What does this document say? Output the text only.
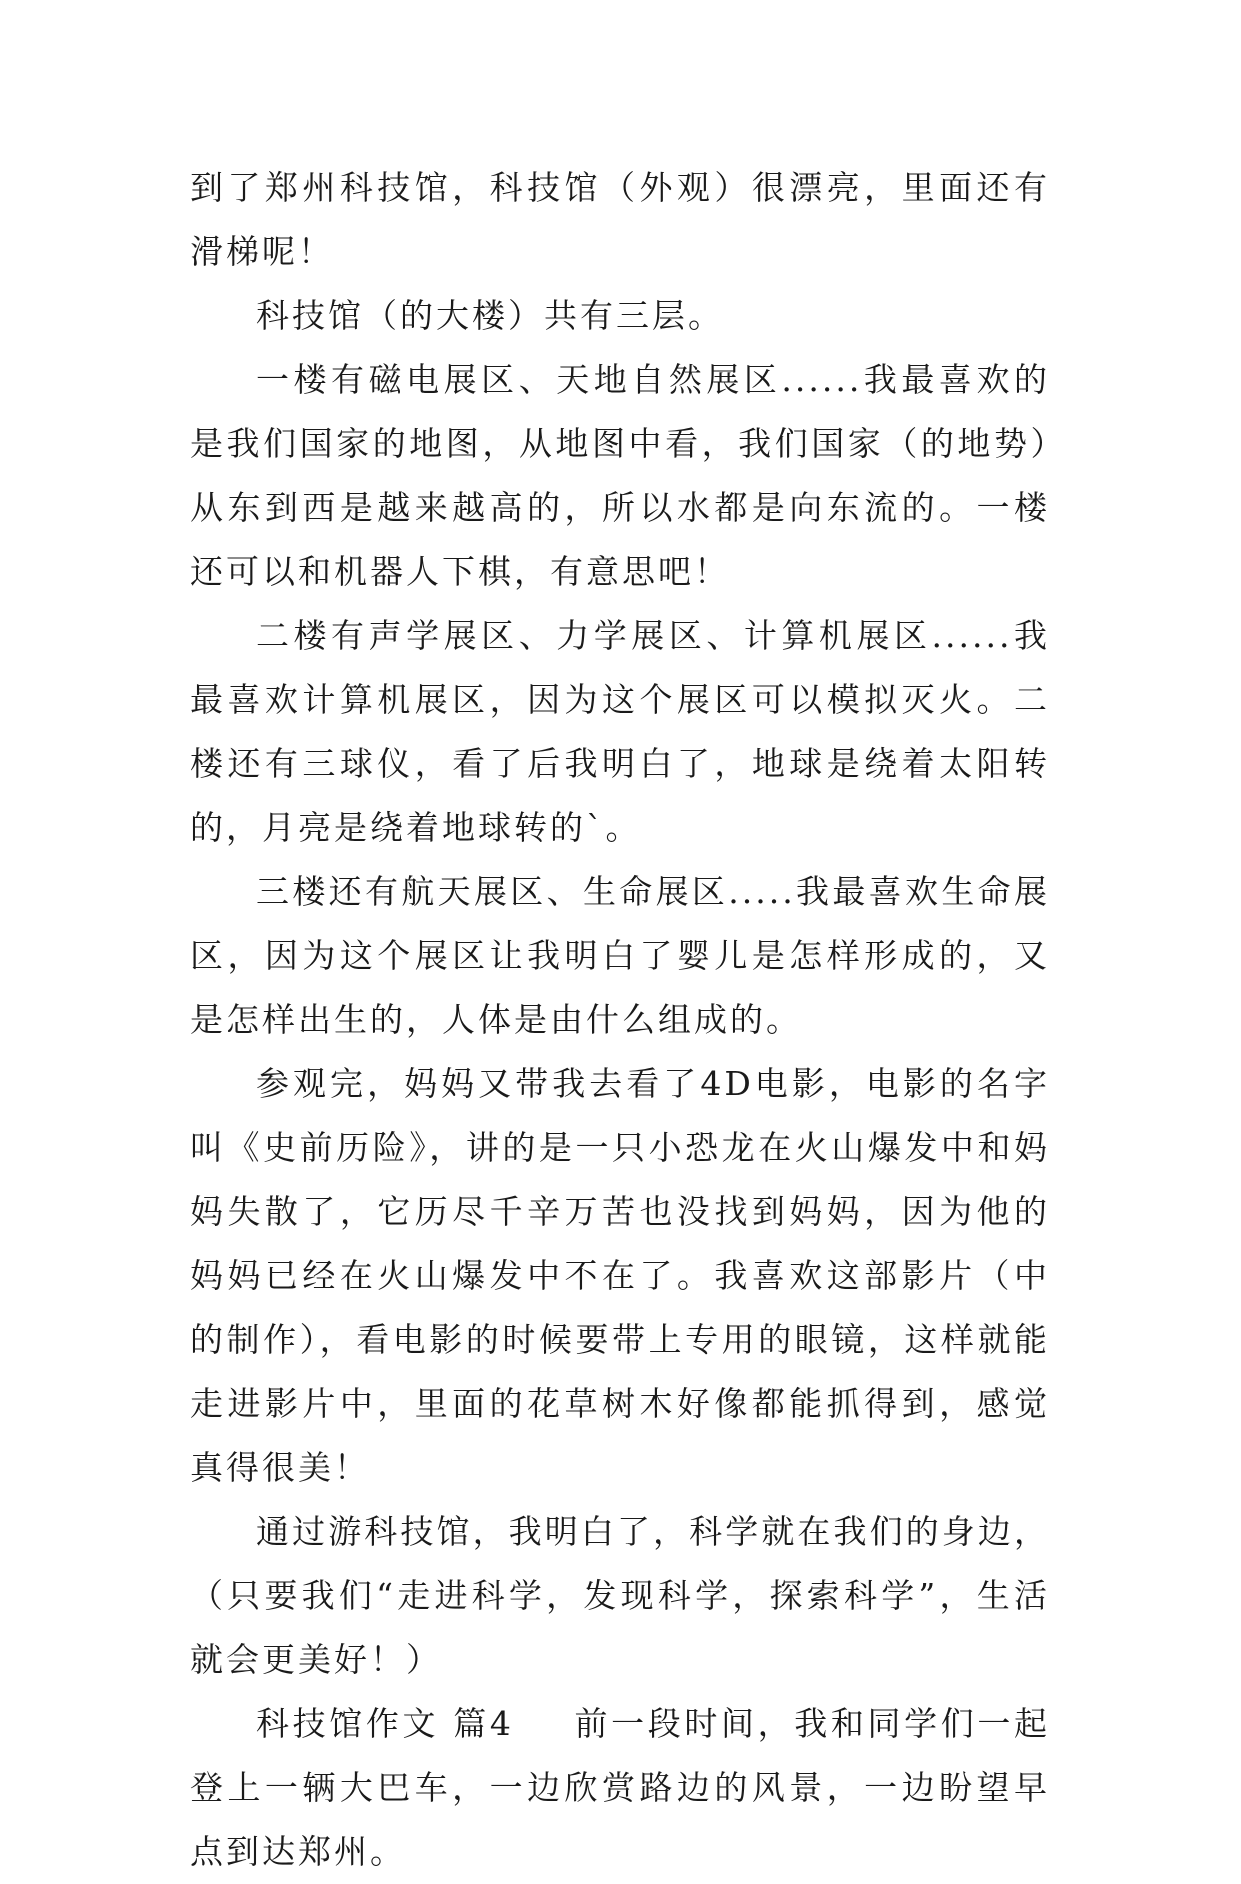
到了郑州科技馆，科技馆（外观）很漂亮，里面还有滑梯呢！

科技馆（的大楼）共有三层。

一楼有磁电展区、天地自然展区......我最喜欢的是我们国家的地图，从地图中看，我们国家（的地势）从东到西是越来越高的，所以水都是向东流的。一楼还可以和机器人下棋，有意思吧！

二楼有声学展区、力学展区、计算机展区......我最喜欢计算机展区，因为这个展区可以模拟灭火。二楼还有三球仪，看了后我明白了，地球是绕着太阳转的，月亮是绕着地球转的`。

三楼还有航天展区、生命展区.....我最喜欢生命展区，因为这个展区让我明白了婴儿是怎样形成的，又是怎样出生的，人体是由什么组成的。

参观完，妈妈又带我去看了4D电影，电影的名字叫《史前历险》，讲的是一只小恐龙在火山爆发中和妈妈失散了，它历尽千辛万苦也没找到妈妈，因为他的妈妈已经在火山爆发中不在了。我喜欢这部影片（中的制作），看电影的时候要带上专用的眼镜，这样就能走进影片中，里面的花草树木好像都能抓得到，感觉真得很美！

通过游科技馆，我明白了，科学就在我们的身边，（只要我们“走进科学，发现科学，探索科学”，生活就会更美好！）

科技馆作文 篇4 前一段时间，我和同学们一起登上一辆大巴车，一边欣赏路边的风景，一边盼望早点到达郑州。
